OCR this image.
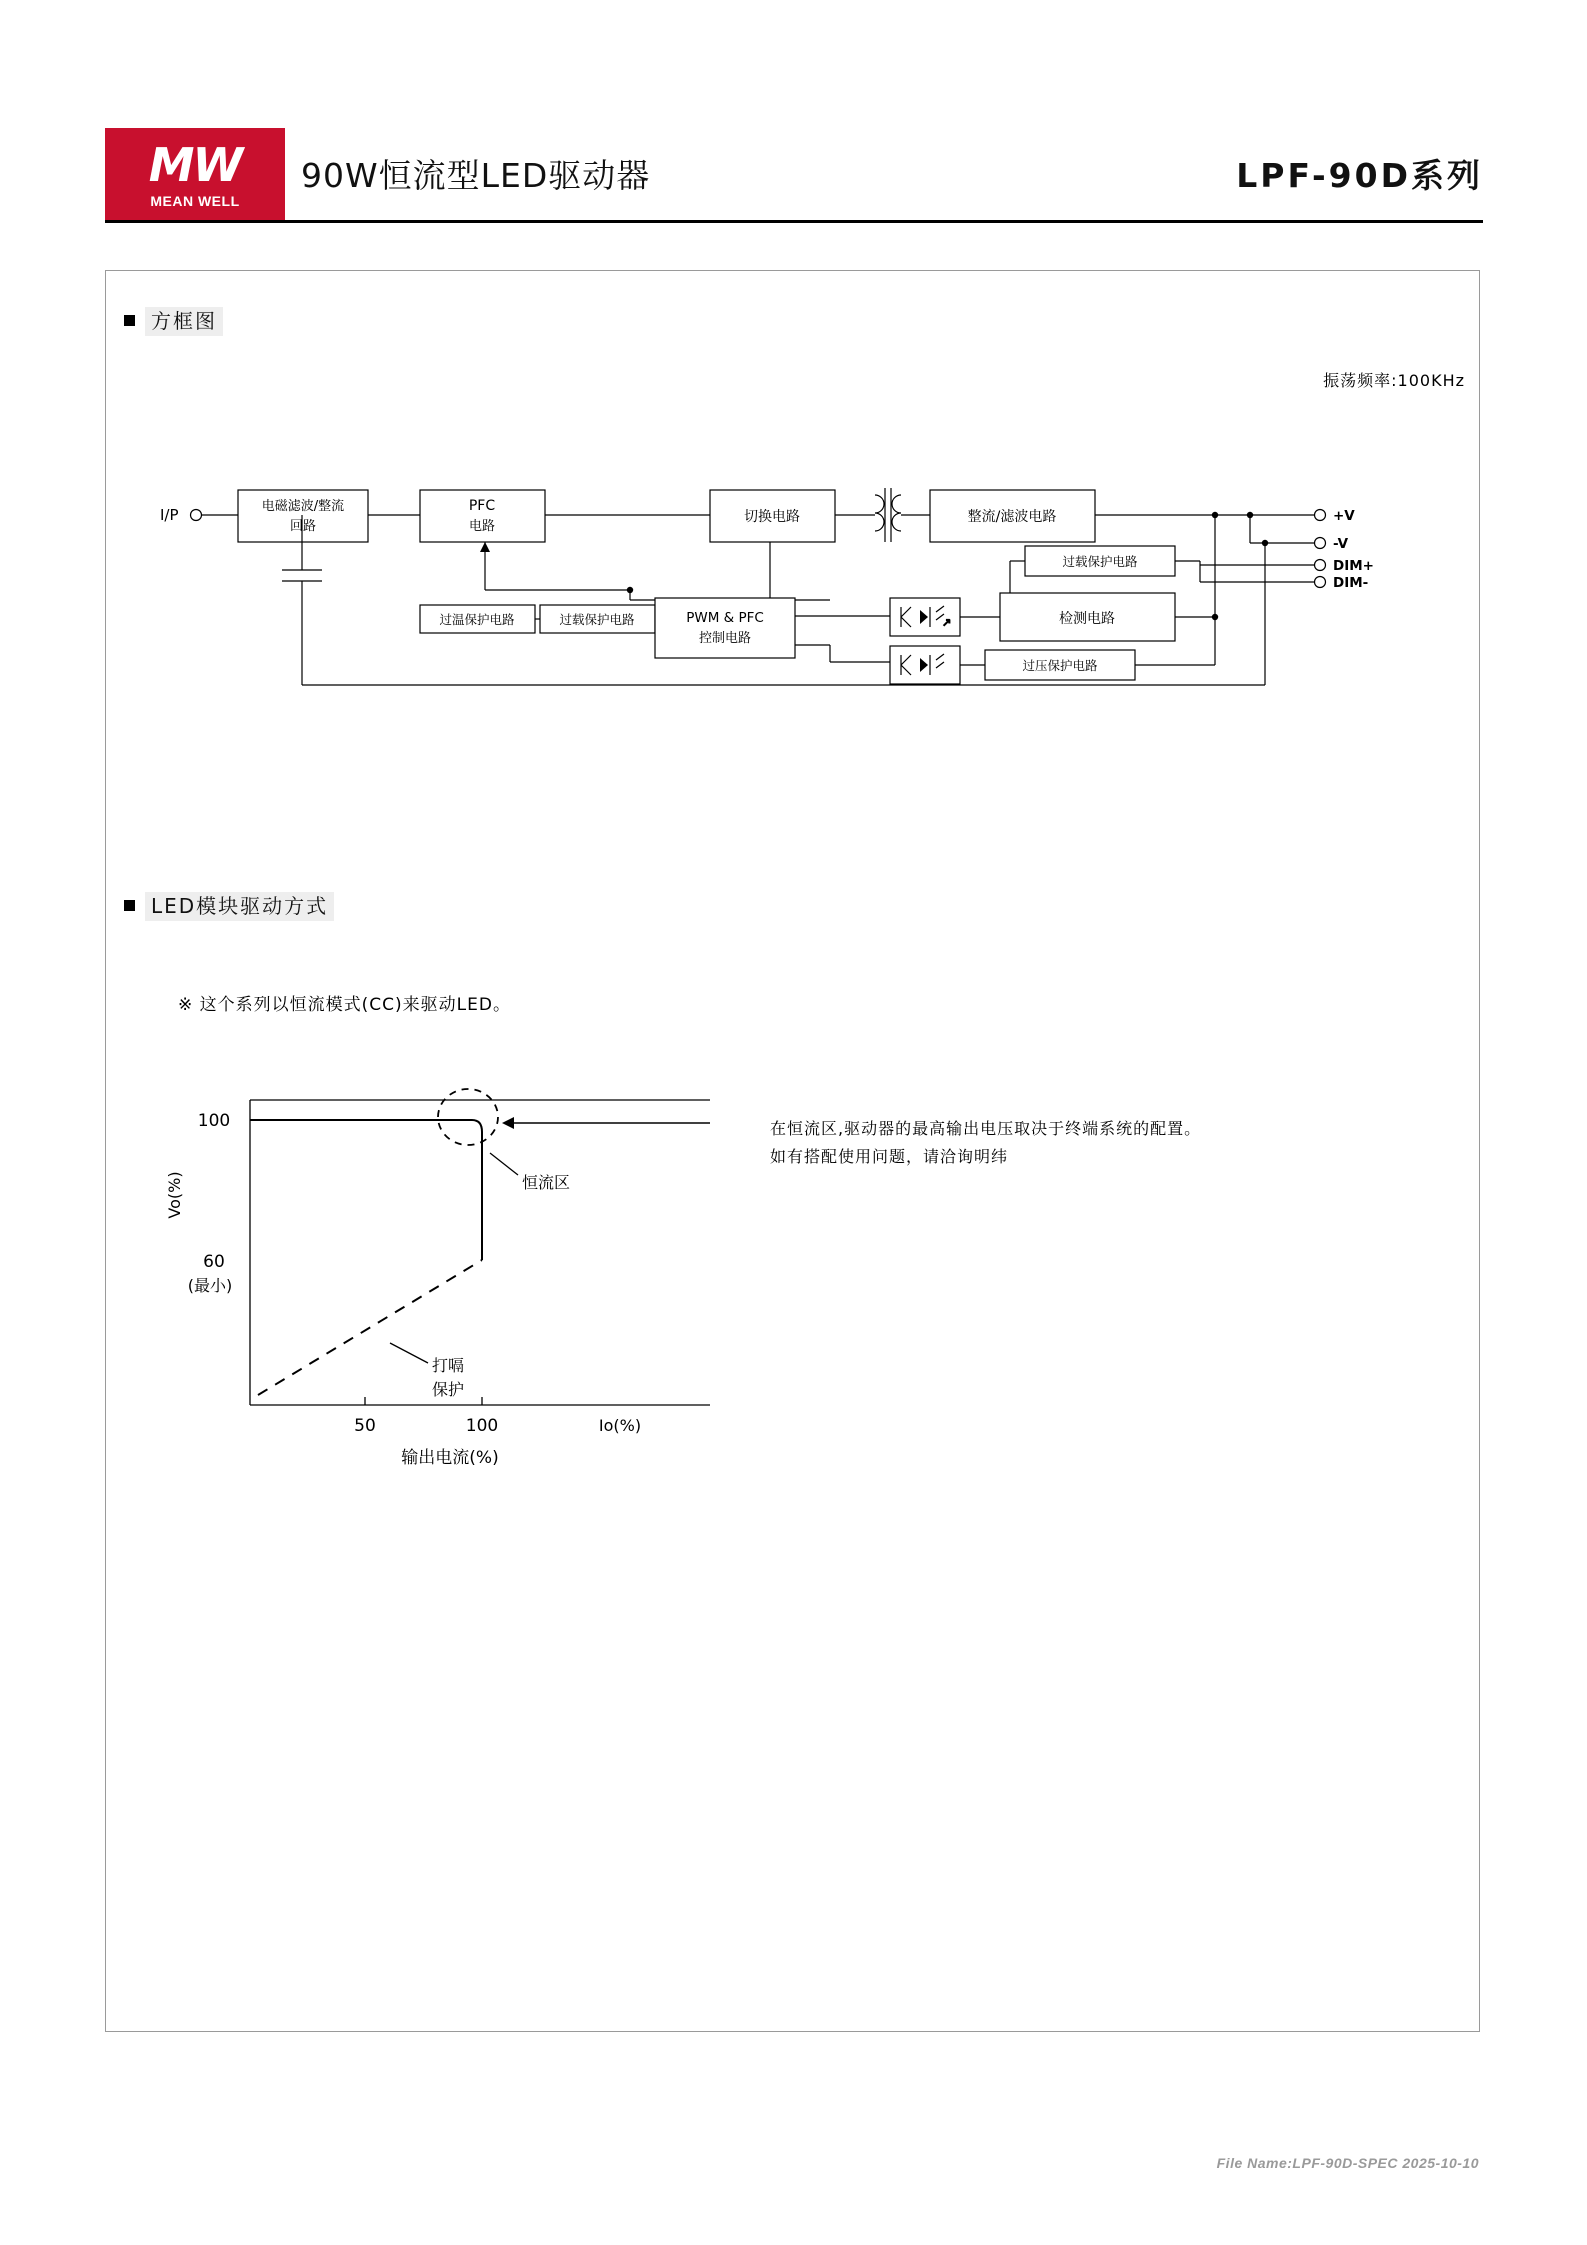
MW
MEAN WELL
90W恒流型LED驱动器	LPF-90D系列
方框图
振荡频率:100KHz
↗
I/P	电磁滤波/整流
回路
PFC
电路
切换电路	整流/滤波电路
过温保护电路	过载保护电路	PWM & PFC
控制电路
过载保护电路
检测电路
过压保护电路
+V
-V
DIM+
DIM-
LED模块驱动方式
※ 这个系列以恒流模式(CC)来驱动LED。
100
60
(最小)
50	100	Io(%)
Vo(%)	恒流区
打嗝
保护
输出电流(%)
在恒流区,驱动器的最高输出电压取决于终端系统的配置。
如有搭配使用问题，请洽询明纬
File Name:LPF-90D-SPEC 2025-10-10
